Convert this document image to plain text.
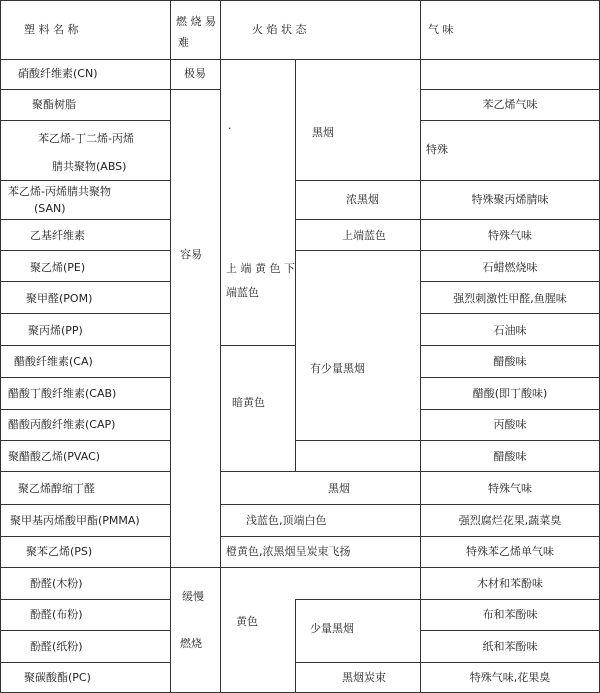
塑 料 名 称
燃 烧 易
难
火 焰 状 态	气 味
硝酸纤维素(CN)
聚酯树脂
苯乙烯-丁二烯-丙烯
腈共聚物(ABS)
苯乙烯-丙烯腈共聚物
(SAN)
乙基纤维素
聚乙烯(PE)
聚甲醛(POM)
聚丙烯(PP)
醋酸纤维素(CA)
醋酸丁酸纤维素(CAB)
醋酸丙酸纤维素(CAP)
聚醋酸乙烯(PVAC)
聚乙烯醇缩丁醛
聚甲基丙烯酸甲酯(PMMA)
聚苯乙烯(PS)
酚醛(木粉)
酚醛(布粉)
酚醛(纸粉)
聚碳酸酯(PC)
极易
容易
缓慢
燃烧
·
上 端 黄 色 下
端蓝色
暗黄色
黑烟
浓黑烟
上端蓝色
有少量黑烟
黑烟
浅蓝色,顶端白色
橙黄色,浓黑烟呈炭束飞扬
黄色
少量黑烟
黑烟炭束
苯乙烯气味
特殊
特殊聚丙烯腈味
特殊气味
石蜡燃烧味
强烈刺激性甲醛,鱼腥味
石油味
醋酸味
醋酸(即丁酸味)
丙酸味
醋酸味
特殊气味
强烈腐烂花果,蔬菜臭
特殊苯乙烯单气味
木材和苯酚味
布和苯酚味
纸和苯酚味
特殊气味,花果臭
